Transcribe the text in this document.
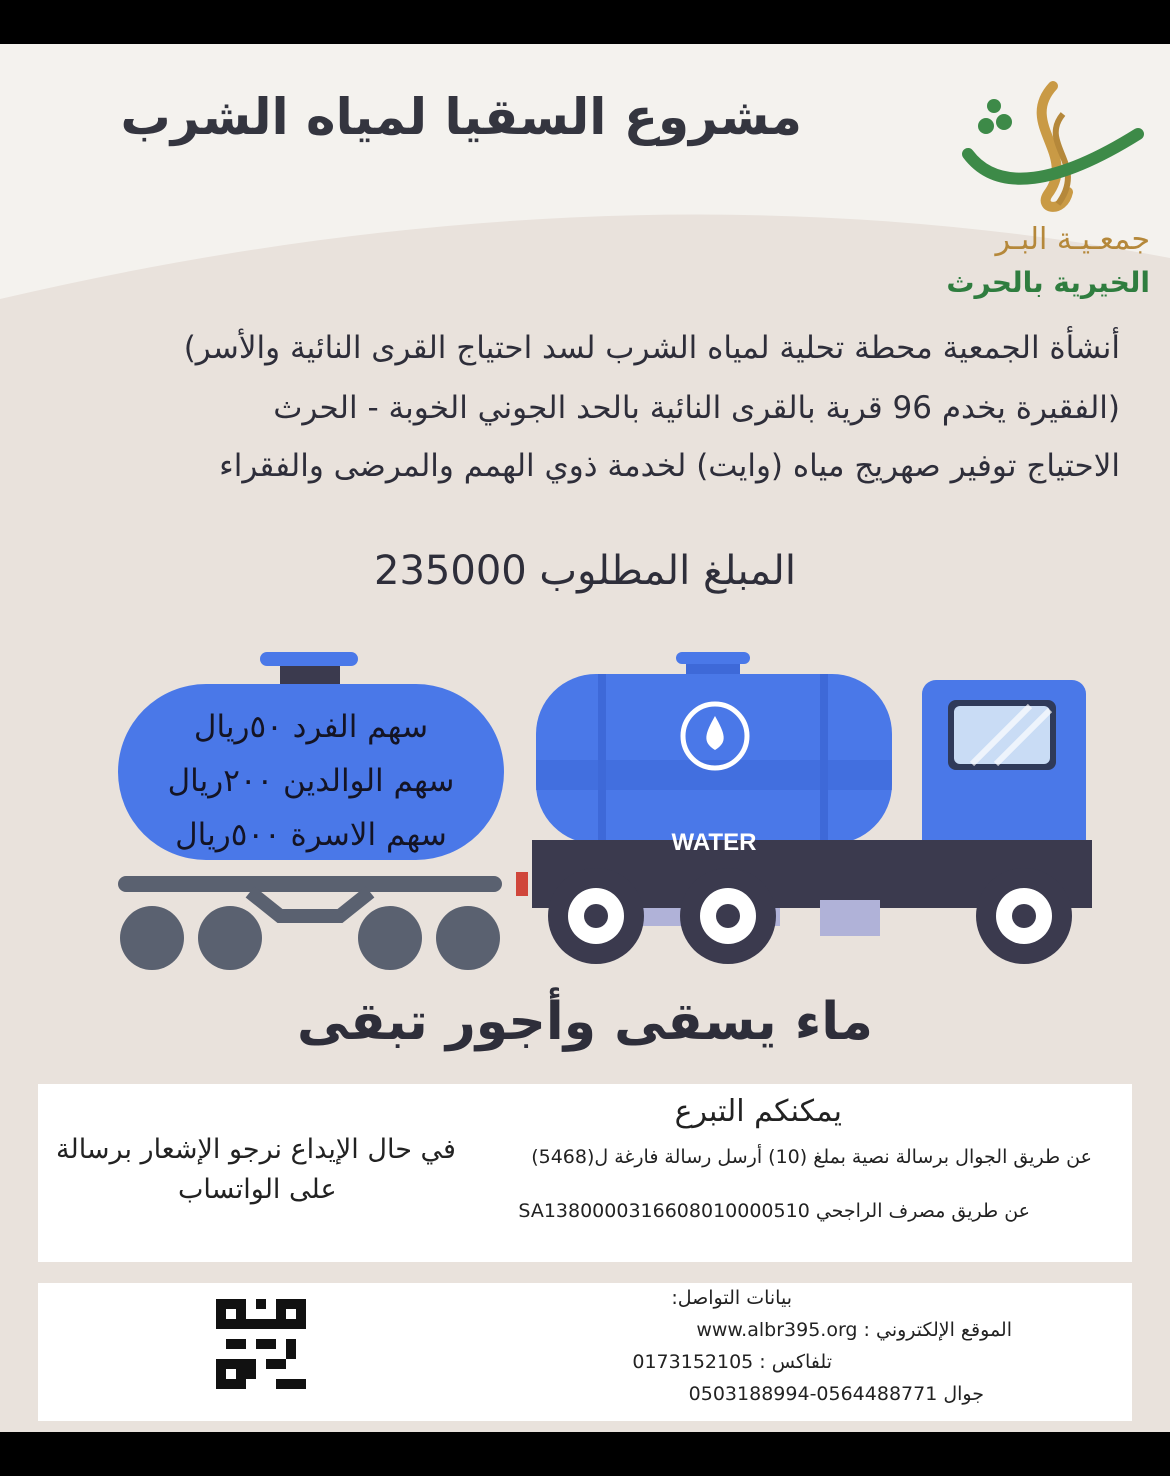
مشروع السقيا لمياه الشرب
جمعـيـة البـر
الخيرية بالحرث
أنشأة الجمعية محطة تحلية لمياه الشرب لسد احتياج القرى النائية والأسر)
(الفقيرة يخدم 96 قرية بالقرى النائية بالحد الجوني الخوبة - الحرث
الاحتياج توفير صهريج مياه (وايت) لخدمة ذوي الهمم والمرضى والفقراء
المبلغ المطلوب 235000
سهم الفرد ٥٠ريال
سهم الوالدين ٢٠٠ريال
سهم الاسرة ٥٠٠ريال	WATER
ماء يسقى وأجور تبقى
يمكنكم التبرع
عن طريق الجوال برسالة نصية بملغ (10) أرسل رسالة فارغة ل(5468)
عن طريق مصرف الراجحي SA1380000316608010000510
في حال الإيداع نرجو الإشعار برسالة
على الواتساب
بيانات التواصل:
الموقع الإلكتروني : www.albr395.org
تلفاكس : 0173152105
جوال 0564488771-0503188994
